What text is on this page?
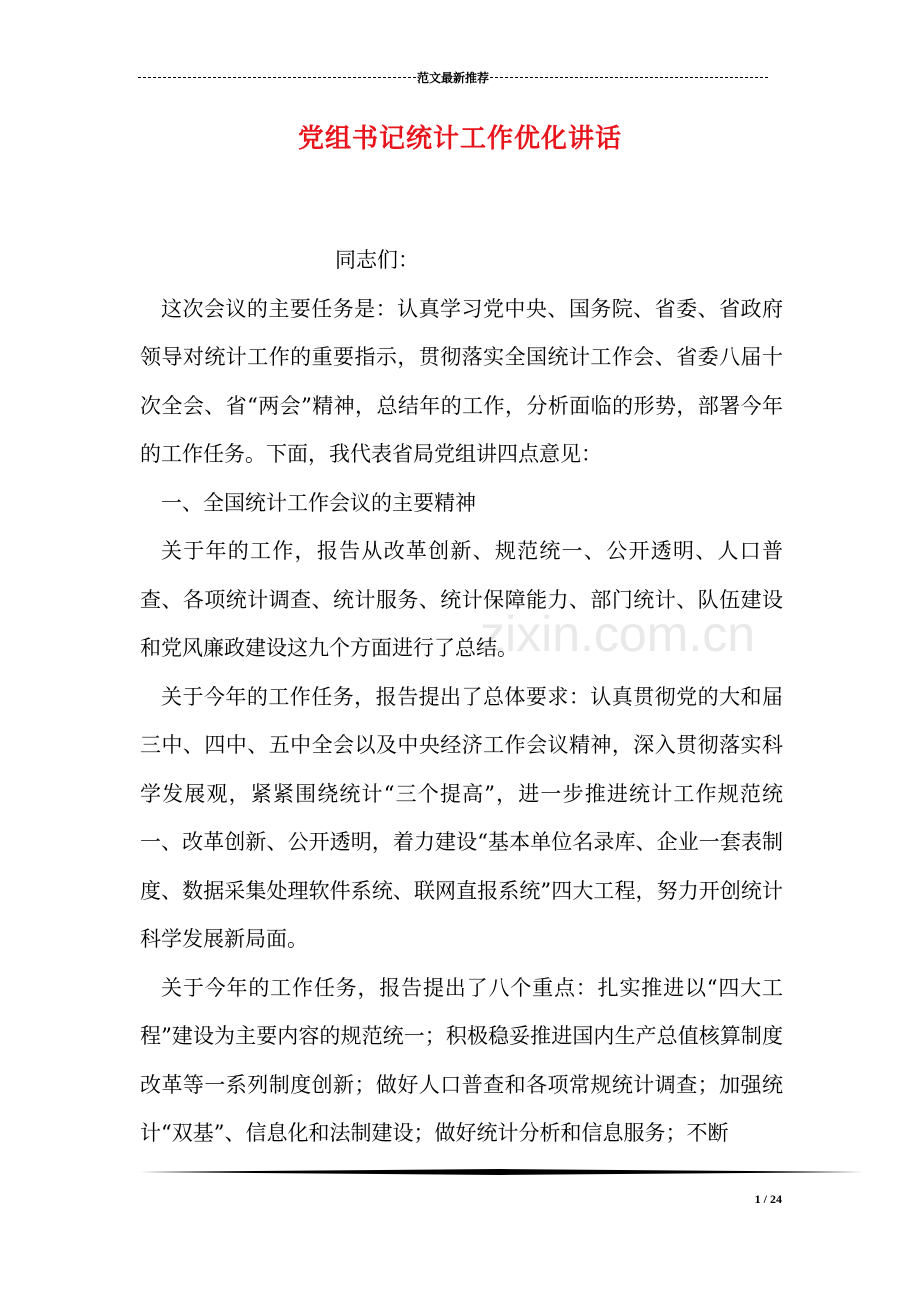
范文最新推荐
党组书记统计工作优化讲话
zixin.com.cn

同志们：

这次会议的主要任务是：认真学习党中央、国务院、省委、省政府领导对统计工作的重要指示，贯彻落实全国统计工作会、省委八届十次全会、省“两会”精神，总结年的工作，分析面临的形势，部署今年的工作任务。下面，我代表省局党组讲四点意见：

一、全国统计工作会议的主要精神

关于年的工作，报告从改革创新、规范统一、公开透明、人口普查、各项统计调查、统计服务、统计保障能力、部门统计、队伍建设和党风廉政建设这九个方面进行了总结。

关于今年的工作任务，报告提出了总体要求：认真贯彻党的大和届三中、四中、五中全会以及中央经济工作会议精神，深入贯彻落实科学发展观，紧紧围绕统计“三个提高”，进一步推进统计工作规范统一、改革创新、公开透明，着力建设“基本单位名录库、企业一套表制度、数据采集处理软件系统、联网直报系统”四大工程，努力开创统计科学发展新局面。

关于今年的工作任务，报告提出了八个重点：扎实推进以“四大工程”建设为主要内容的规范统一；积极稳妥推进国内生产总值核算制度改革等一系列制度创新；做好人口普查和各项常规统计调查；加强统计“双基”、信息化和法制建设；做好统计分析和信息服务；不断

1 / 24
